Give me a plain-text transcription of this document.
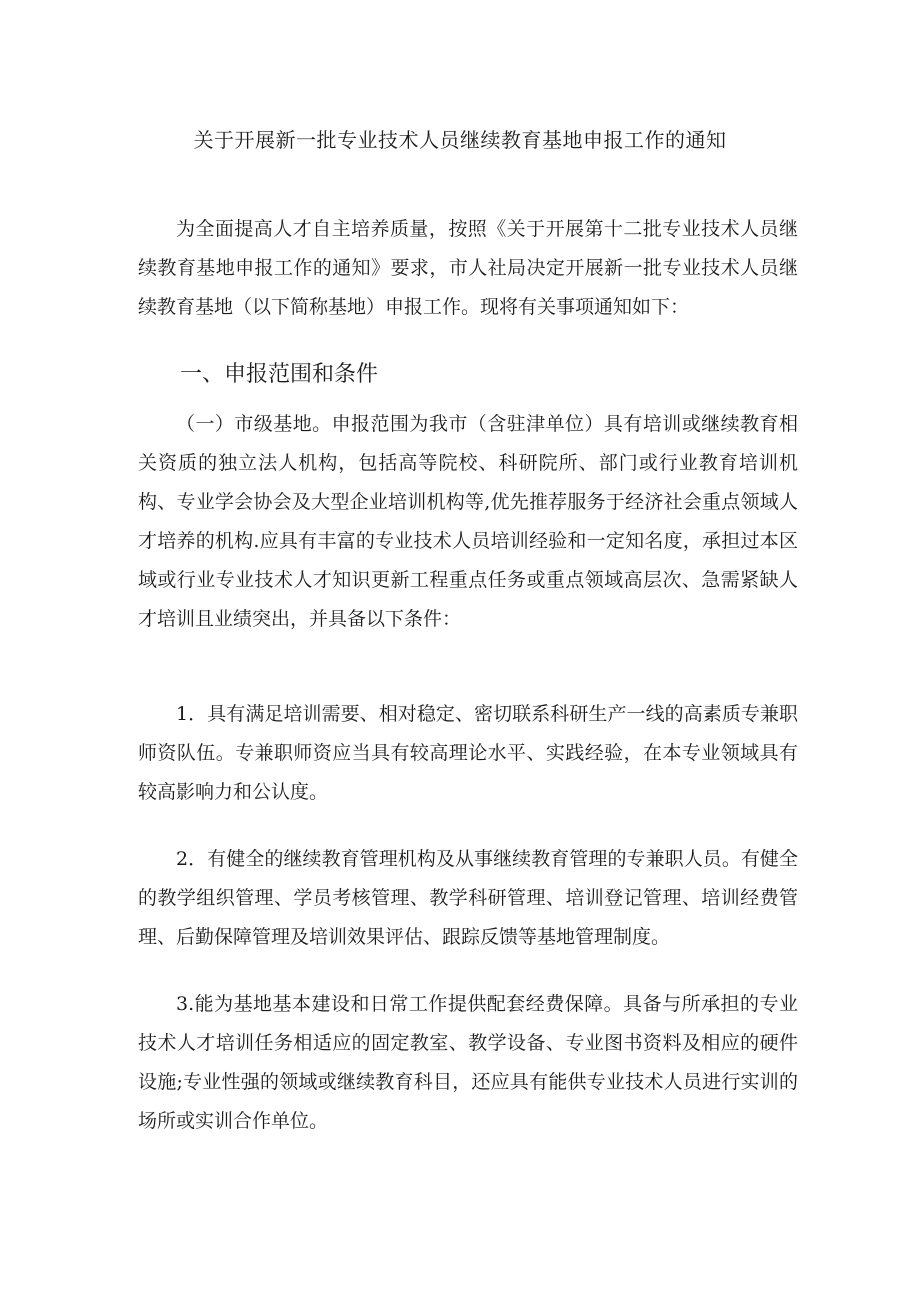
关于开展新一批专业技术人员继续教育基地申报工作的通知

为全面提高人才自主培养质量，按照《关于开展第十二批专业技术人员继续教育基地申报工作的通知》要求，市人社局决定开展新一批专业技术人员继续教育基地（以下简称基地）申报工作。现将有关事项通知如下：

一、申报范围和条件

（一）市级基地。申报范围为我市（含驻津单位）具有培训或继续教育相关资质的独立法人机构，包括高等院校、科研院所、部门或行业教育培训机构、专业学会协会及大型企业培训机构等,优先推荐服务于经济社会重点领域人才培养的机构.应具有丰富的专业技术人员培训经验和一定知名度，承担过本区域或行业专业技术人才知识更新工程重点任务或重点领域高层次、急需紧缺人才培训且业绩突出，并具备以下条件：

1．具有满足培训需要、相对稳定、密切联系科研生产一线的高素质专兼职师资队伍。专兼职师资应当具有较高理论水平、实践经验，在本专业领域具有较高影响力和公认度。

2．有健全的继续教育管理机构及从事继续教育管理的专兼职人员。有健全的教学组织管理、学员考核管理、教学科研管理、培训登记管理、培训经费管理、后勤保障管理及培训效果评估、跟踪反馈等基地管理制度。

3.能为基地基本建设和日常工作提供配套经费保障。具备与所承担的专业技术人才培训任务相适应的固定教室、教学设备、专业图书资料及相应的硬件设施;专业性强的领域或继续教育科目，还应具有能供专业技术人员进行实训的场所或实训合作单位。
